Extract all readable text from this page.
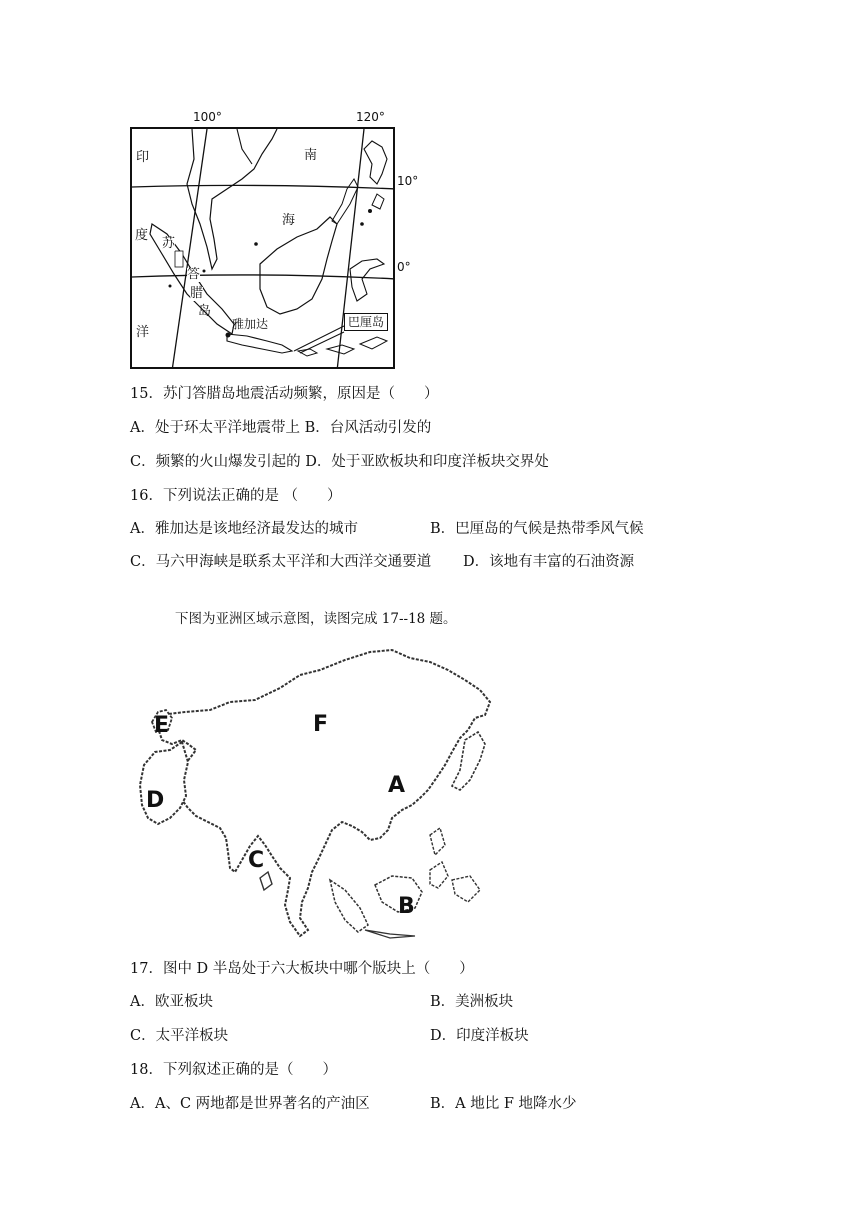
100°	120°
印
度
洋
南
海
苏
答
腊
岛
雅加达	巴厘岛
10°
0°
15．苏门答腊岛地震活动频繁，原因是（　　）
A．处于环太平洋地震带上 B．台风活动引发的
C．频繁的火山爆发引起的 D．处于亚欧板块和印度洋板块交界处
16．下列说法正确的是 （　　）
A．雅加达是该地经济最发达的城市	B．巴厘岛的气候是热带季风气候
C．马六甲海峡是联系太平洋和大西洋交通要道 D．该地有丰富的石油资源
下图为亚洲区域示意图，读图完成 17--18 题。
E	F
D
A
C
B
17．图中 D 半岛处于六大板块中哪个版块上（　　）
A．欧亚板块	B．美洲板块
C．太平洋板块	D．印度洋板块
18．下列叙述正确的是（　　）
A．A、C 两地都是世界著名的产油区	B．A 地比 F 地降水少
